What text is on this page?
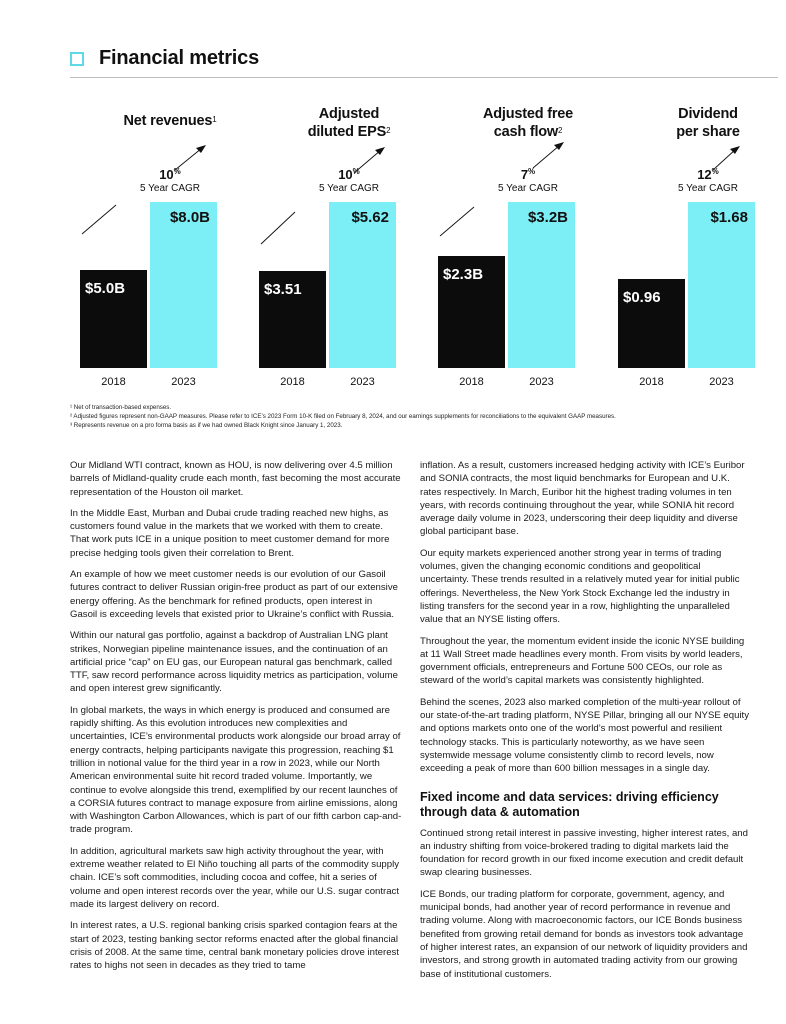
Financial metrics
Net revenues$^1$
10%
5 Year CAGR
$5.0B
$8.0B
2018	2023
Adjusted
diluted EPS$^2$
10%
5 Year CAGR
$3.51
$5.62
2018	2023
Adjusted free
cash flow$^2$
7%
5 Year CAGR
$2.3B
$3.2B
2018	2023
Dividend
per share
12%
5 Year CAGR
$0.96
$1.68
2018	2023
¹ Net of transaction-based expenses.
² Adjusted figures represent non-GAAP measures. Please refer to ICE’s 2023 Form 10-K filed on February 8, 2024, and our earnings supplements for reconciliations to the equivalent GAAP measures.
³ Represents revenue on a pro forma basis as if we had owned Black Knight since January 1, 2023.

Our Midland WTI contract, known as HOU, is now delivering over 4.5 million barrels of Midland-quality crude each month, fast becoming the most accurate representation of the Houston oil market.

In the Middle East, Murban and Dubai crude trading reached new highs, as customers found value in the markets that we worked with them to create. That work puts ICE in a unique position to meet customer demand for more precise hedging tools given their correlation to Brent.

An example of how we meet customer needs is our evolution of our Gasoil futures contract to deliver Russian origin-free product as part of our extensive energy offering. As the benchmark for refined products, open interest in Gasoil is exceeding levels that existed prior to Ukraine’s conflict with Russia.

Within our natural gas portfolio, against a backdrop of Australian LNG plant strikes, Norwegian pipeline maintenance issues, and the continuation of an artificial price “cap” on EU gas, our European natural gas benchmark, called TTF, saw record performance across liquidity metrics as participation, volume and open interest grew significantly.

In global markets, the ways in which energy is produced and consumed are rapidly shifting. As this evolution introduces new complexities and uncertainties, ICE’s environmental products work alongside our broad array of energy contracts, helping participants navigate this progression, reaching $1 trillion in notional value for the third year in a row in 2023, while our North American environmental suite hit record traded volume. Importantly, we continue to evolve alongside this trend, exemplified by our recent launches of a CORSIA futures contract to manage exposure from airline emissions, along with Washington Carbon Allowances, which is part of our fifth carbon cap-and-trade program.

In addition, agricultural markets saw high activity throughout the year, with extreme weather related to El Niño touching all parts of the commodity supply chain. ICE’s soft commodities, including cocoa and coffee, hit a series of volume and open interest records over the year, while our U.S. sugar contract made its largest delivery on record.

In interest rates, a U.S. regional banking crisis sparked contagion fears at the start of 2023, testing banking sector reforms enacted after the global financial crisis of 2008. At the same time, central bank monetary policies drove interest rates to highs not seen in decades as they tried to tame

inflation. As a result, customers increased hedging activity with ICE’s Euribor and SONIA contracts, the most liquid benchmarks for European and U.K. rates respectively. In March, Euribor hit the highest trading volumes in ten years, with records continuing throughout the year, while SONIA hit record average daily volume in 2023, underscoring their deep liquidity and diverse global participant base.

Our equity markets experienced another strong year in terms of trading volumes, given the changing economic conditions and geopolitical uncertainty. These trends resulted in a relatively muted year for initial public offerings. Nevertheless, the New York Stock Exchange led the industry in listing transfers for the second year in a row, highlighting the unparalleled value that an NYSE listing offers.

Throughout the year, the momentum evident inside the iconic NYSE building at 11 Wall Street made headlines every month. From visits by world leaders, government officials, entrepreneurs and Fortune 500 CEOs, our role as steward of the world’s capital markets was consistently highlighted.

Behind the scenes, 2023 also marked completion of the multi-year rollout of our state-of-the-art trading platform, NYSE Pillar, bringing all our NYSE equity and options markets onto one of the world’s most powerful and resilient technology stacks. This is particularly noteworthy, as we have seen systemwide message volume consistently climb to record levels, now exceeding a peak of more than 600 billion messages in a single day.

Fixed income and data services: driving efficiency through data & automation

Continued strong retail interest in passive investing, higher interest rates, and an industry shifting from voice-brokered trading to digital markets laid the foundation for record growth in our fixed income execution and credit default swap clearing businesses.

ICE Bonds, our trading platform for corporate, government, agency, and municipal bonds, had another year of record performance in revenue and trading volume. Along with macroeconomic factors, our ICE Bonds business benefited from growing retail demand for bonds as investors took advantage of higher interest rates, an expansion of our network of liquidity providers and investors, and strong growth in automated trading activity from our growing base of institutional customers.
